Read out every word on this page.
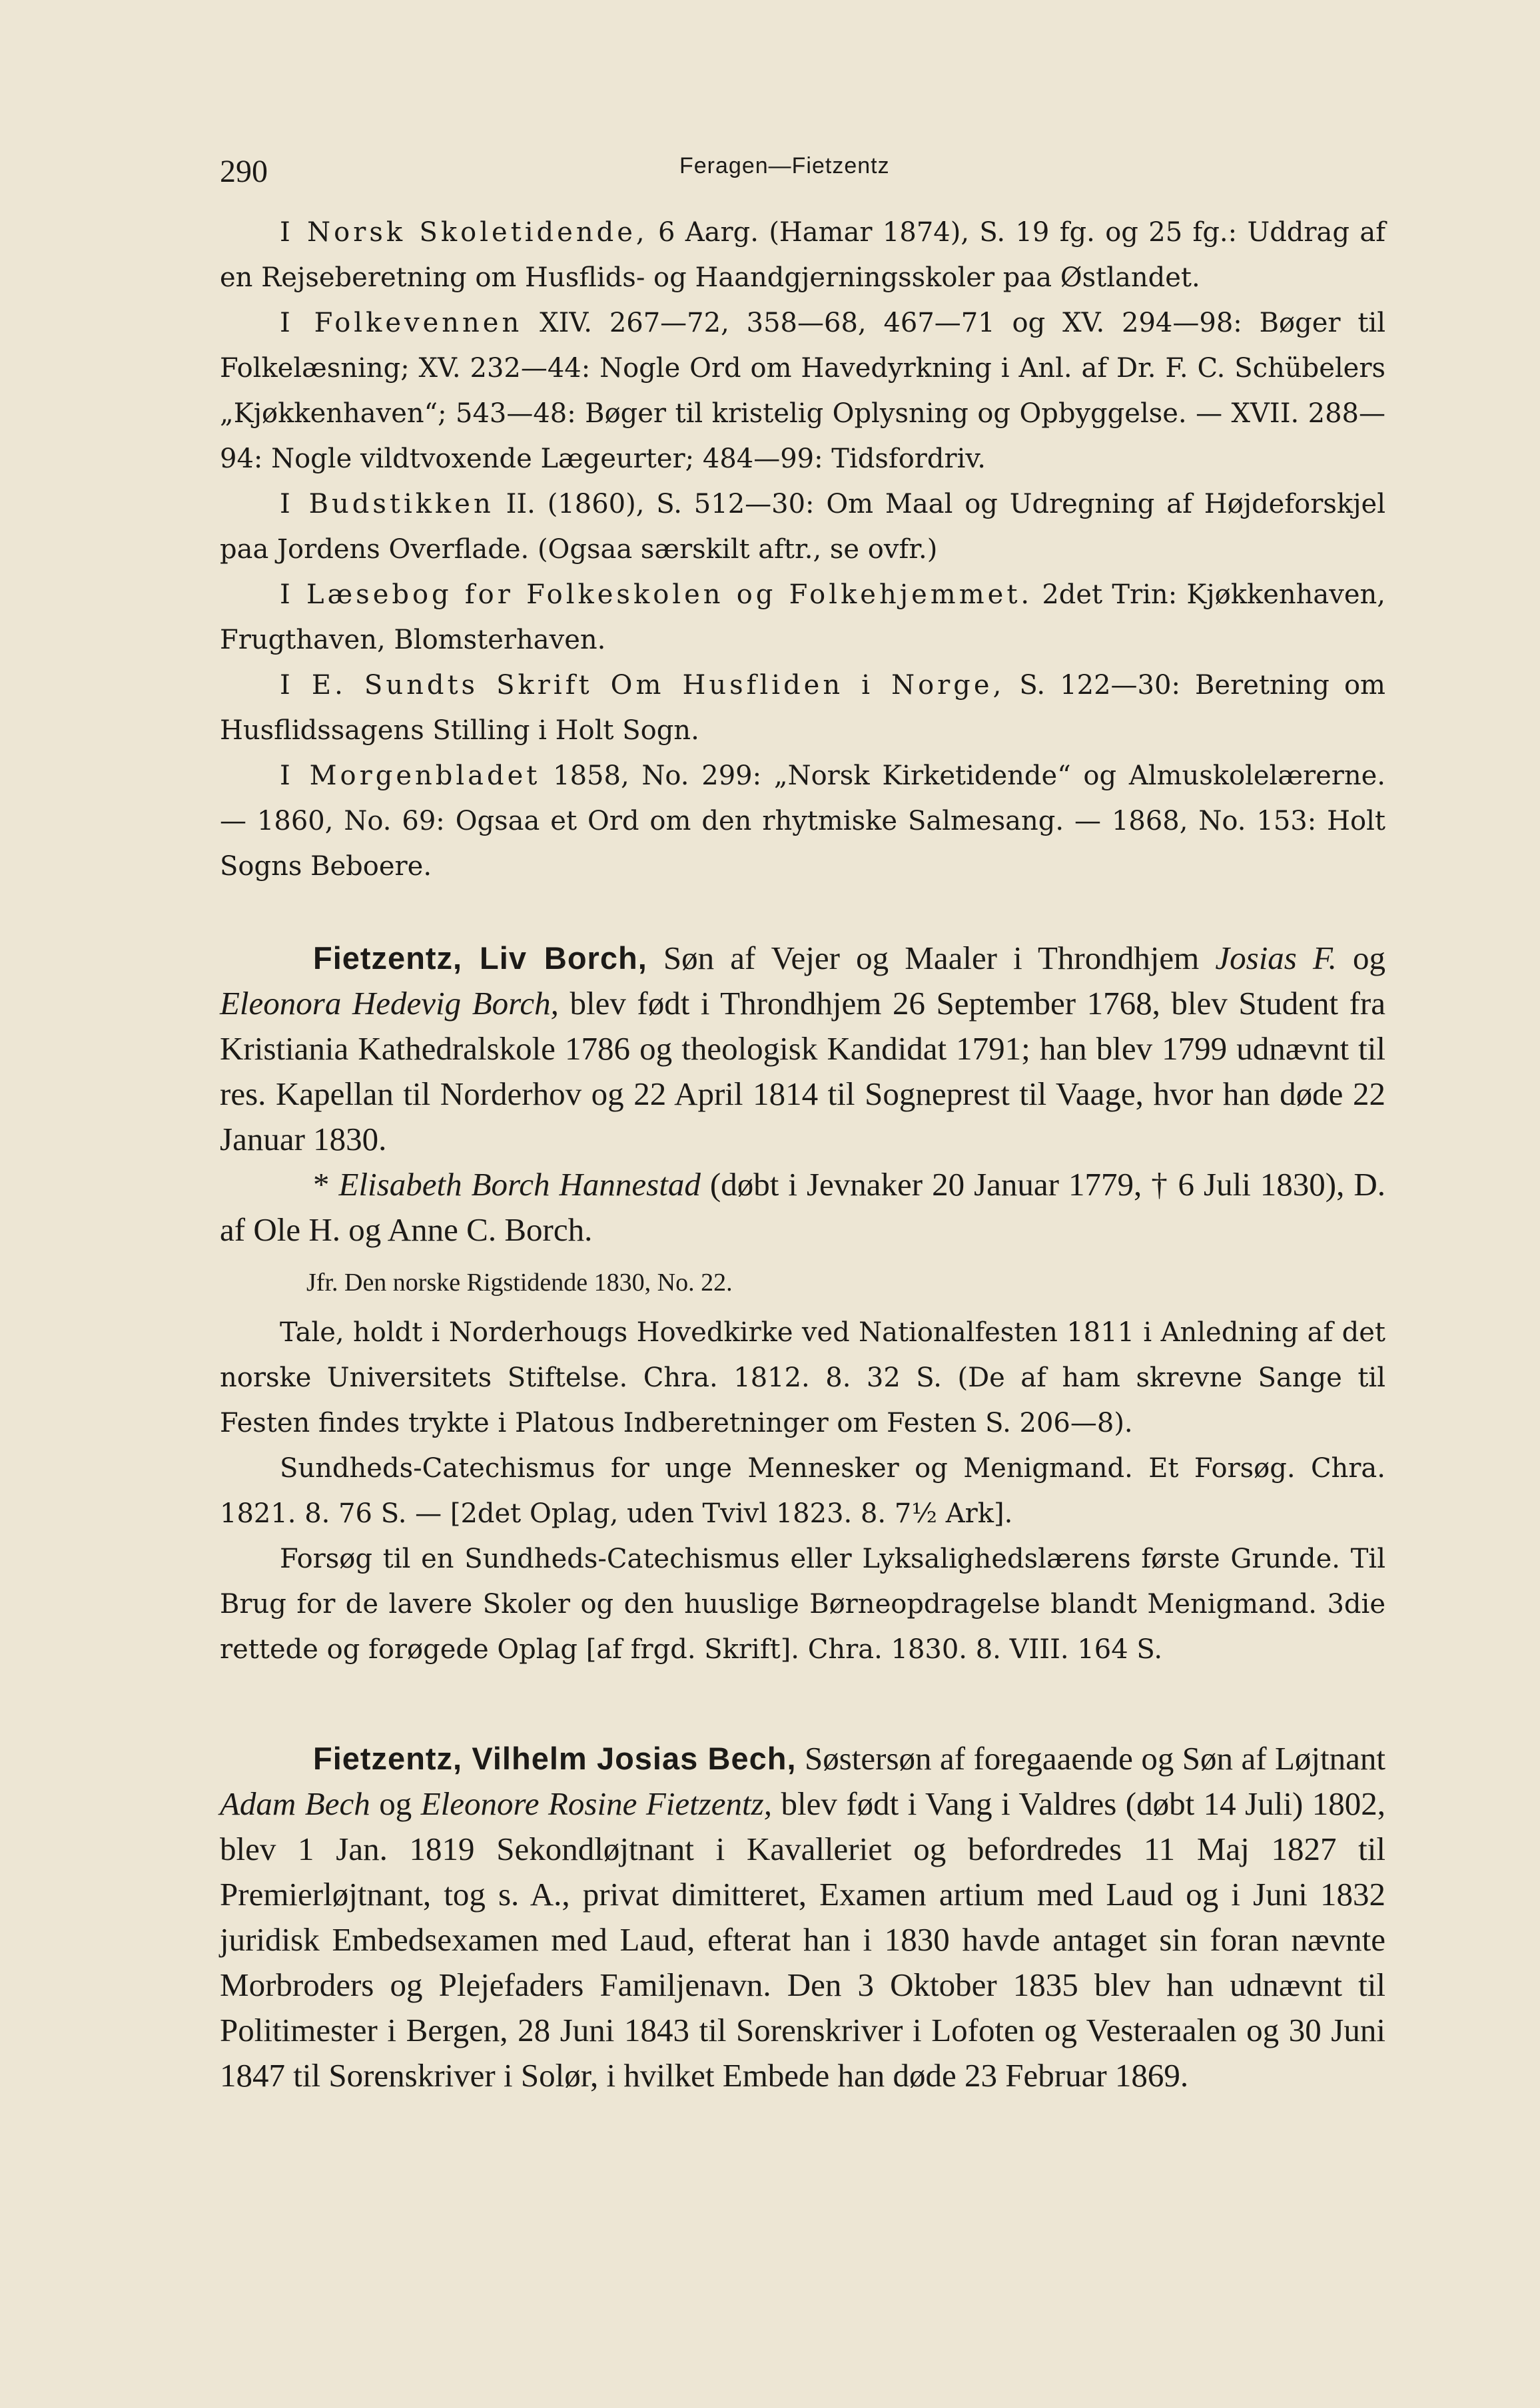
290	Feragen—Fietzentz

I Norsk Skoletidende, 6 Aarg. (Hamar 1874), S. 19 fg. og 25 fg.: Uddrag af en Rejseberetning om Husflids- og Haandgjerningsskoler paa Østlandet.

I Folkevennen XIV. 267—72, 358—68, 467—71 og XV. 294—98: Bøger til Folkelæsning; XV. 232—44: Nogle Ord om Havedyrkning i Anl. af Dr. F. C. Schübelers „Kjøkkenhaven“; 543—48: Bøger til kristelig Oplysning og Opbyggelse. — XVII. 288—94: Nogle vildtvoxende Lægeurter; 484—99: Tidsfordriv.

I Budstikken II. (1860), S. 512—30: Om Maal og Udregning af Højdeforskjel paa Jordens Overflade. (Ogsaa særskilt aftr., se ovfr.)

I Læsebog for Folkeskolen og Folkehjemmet. 2det Trin: Kjøkkenhaven, Frugthaven, Blomsterhaven.

I E. Sundts Skrift Om Husfliden i Norge, S. 122—30: Beretning om Husflidssagens Stilling i Holt Sogn.

I Morgenbladet 1858, No. 299: „Norsk Kirketidende“ og Almuskolelærerne. — 1860, No. 69: Ogsaa et Ord om den rhytmiske Salmesang. — 1868, No. 153: Holt Sogns Beboere.

Fietzentz, Liv Borch, Søn af Vejer og Maaler i Throndhjem Josias F. og Eleonora Hedevig Borch, blev født i Throndhjem 26 September 1768, blev Student fra Kristiania Kathedralskole 1786 og theologisk Kandidat 1791; han blev 1799 udnævnt til res. Kapellan til Norderhov og 22 April 1814 til Sogneprest til Vaage, hvor han døde 22 Januar 1830.

* Elisabeth Borch Hannestad (døbt i Jevnaker 20 Januar 1779, † 6 Juli 1830), D. af Ole H. og Anne C. Borch.

Jfr. Den norske Rigstidende 1830, No. 22.

Tale, holdt i Norderhougs Hovedkirke ved Nationalfesten 1811 i Anledning af det norske Universitets Stiftelse. Chra. 1812. 8. 32 S. (De af ham skrevne Sange til Festen findes trykte i Platous Indberetninger om Festen S. 206—8).

Sundheds-Catechismus for unge Mennesker og Menigmand. Et Forsøg. Chra. 1821. 8. 76 S. — [2det Oplag, uden Tvivl 1823. 8. 7½ Ark].

Forsøg til en Sundheds-Catechismus eller Lyksalighedslærens første Grunde. Til Brug for de lavere Skoler og den huuslige Børneopdragelse blandt Menigmand. 3die rettede og forøgede Oplag [af frgd. Skrift]. Chra. 1830. 8. VIII. 164 S.

Fietzentz, Vilhelm Josias Bech, Søstersøn af foregaaende og Søn af Løjtnant Adam Bech og Eleonore Rosine Fietzentz, blev født i Vang i Valdres (døbt 14 Juli) 1802, blev 1 Jan. 1819 Sekondløjtnant i Kavalleriet og befordredes 11 Maj 1827 til Premierløjtnant, tog s. A., privat dimitteret, Examen artium med Laud og i Juni 1832 juridisk Embedsexamen med Laud, efterat han i 1830 havde antaget sin foran nævnte Morbroders og Plejefaders Familjenavn. Den 3 Oktober 1835 blev han udnævnt til Politimester i Bergen, 28 Juni 1843 til Sorenskriver i Lofoten og Vesteraalen og 30 Juni 1847 til Sorenskriver i Solør, i hvilket Embede han døde 23 Februar 1869.
